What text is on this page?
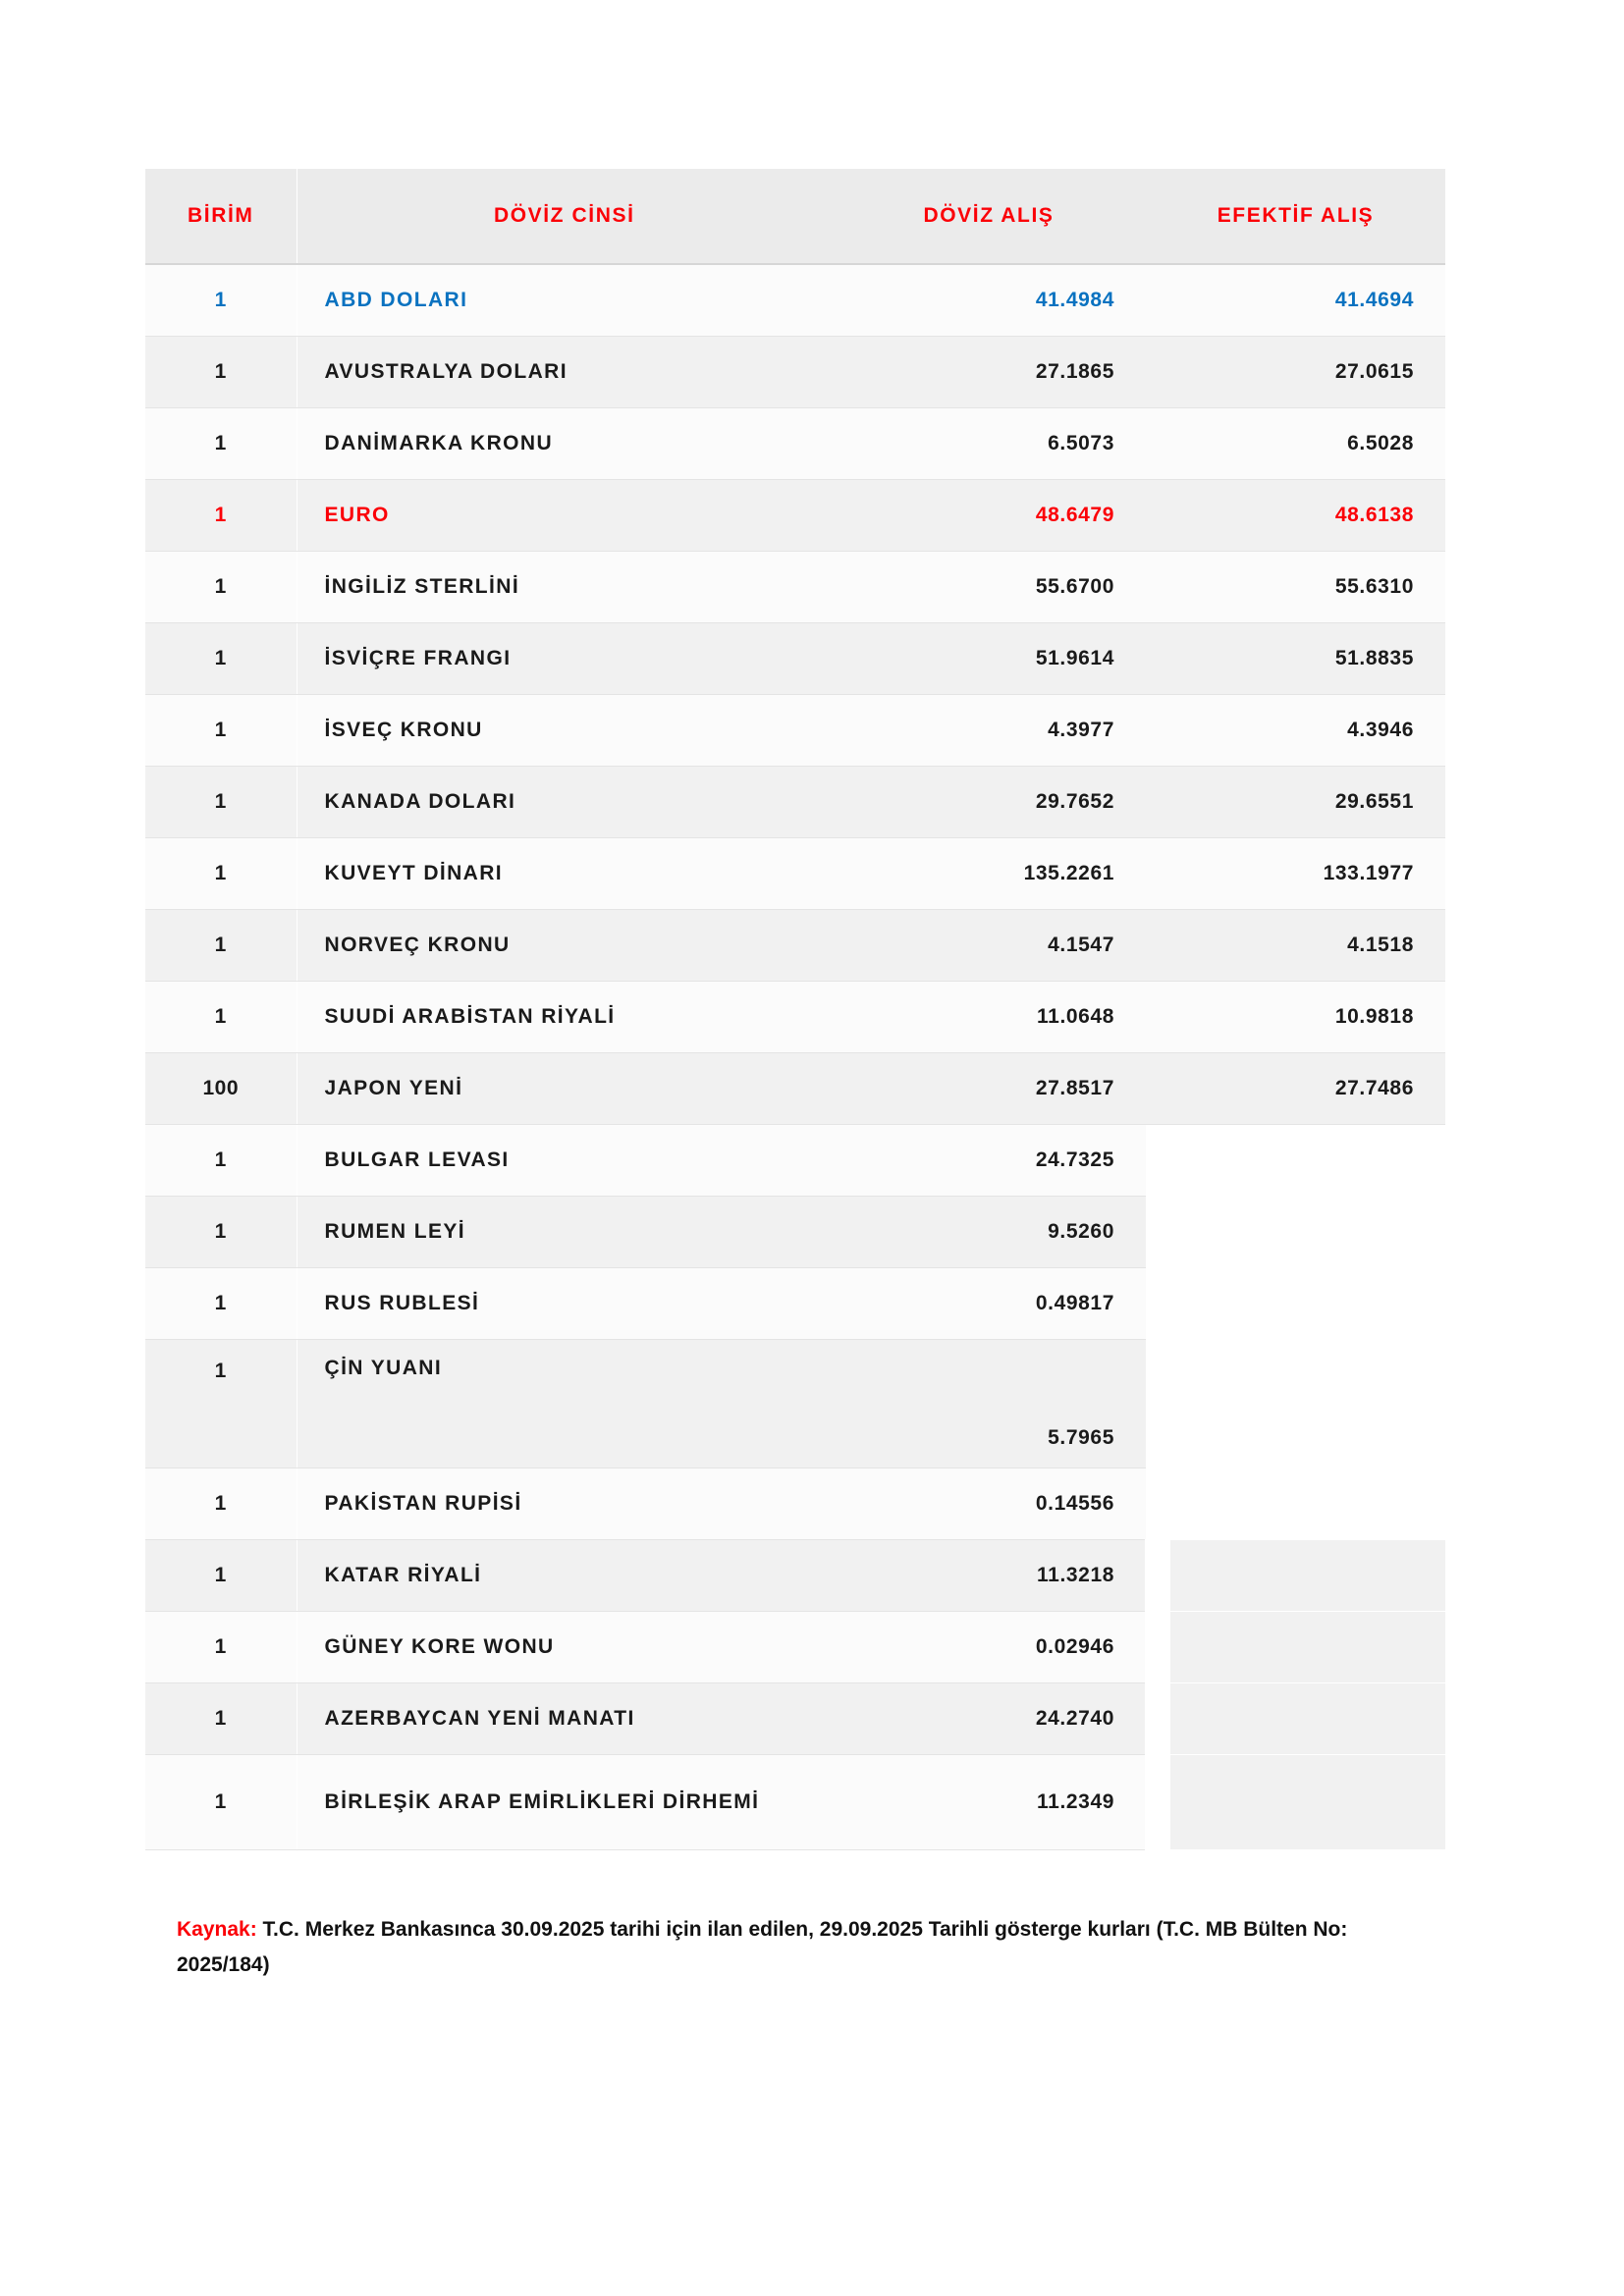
BİRİM	DÖVİZ CİNSİ	DÖVİZ ALIŞ	EFEKTİF ALIŞ
1	ABD DOLARI	41.4984	41.4694
1	AVUSTRALYA DOLARI	27.1865	27.0615
1	DANİMARKA KRONU	6.5073	6.5028
1	EURO	48.6479	48.6138
1	İNGİLİZ STERLİNİ	55.6700	55.6310
1	İSVİÇRE FRANGI	51.9614	51.8835
1	İSVEÇ KRONU	4.3977	4.3946
1	KANADA DOLARI	29.7652	29.6551
1	KUVEYT DİNARI	135.2261	133.1977
1	NORVEÇ KRONU	4.1547	4.1518
1	SUUDİ ARABİSTAN RİYALİ	11.0648	10.9818
100	JAPON YENİ	27.8517	27.7486
1	BULGAR LEVASI	24.7325	
1	RUMEN LEYİ	9.5260	
1	RUS RUBLESİ	0.49817	
1	ÇİN YUANI	5.7965	
1	PAKİSTAN RUPİSİ	0.14556	
1	KATAR RİYALİ	11.3218	
1	GÜNEY KORE WONU	0.02946	
1	AZERBAYCAN YENİ MANATI	24.2740	
1	BİRLEŞİK ARAP EMİRLİKLERİ DİRHEMİ	11.2349	
Kaynak: T.C. Merkez Bankasınca 30.09.2025 tarihi için ilan edilen, 29.09.2025 Tarihli gösterge kurları (T.C. MB Bülten No: 2025/184)
